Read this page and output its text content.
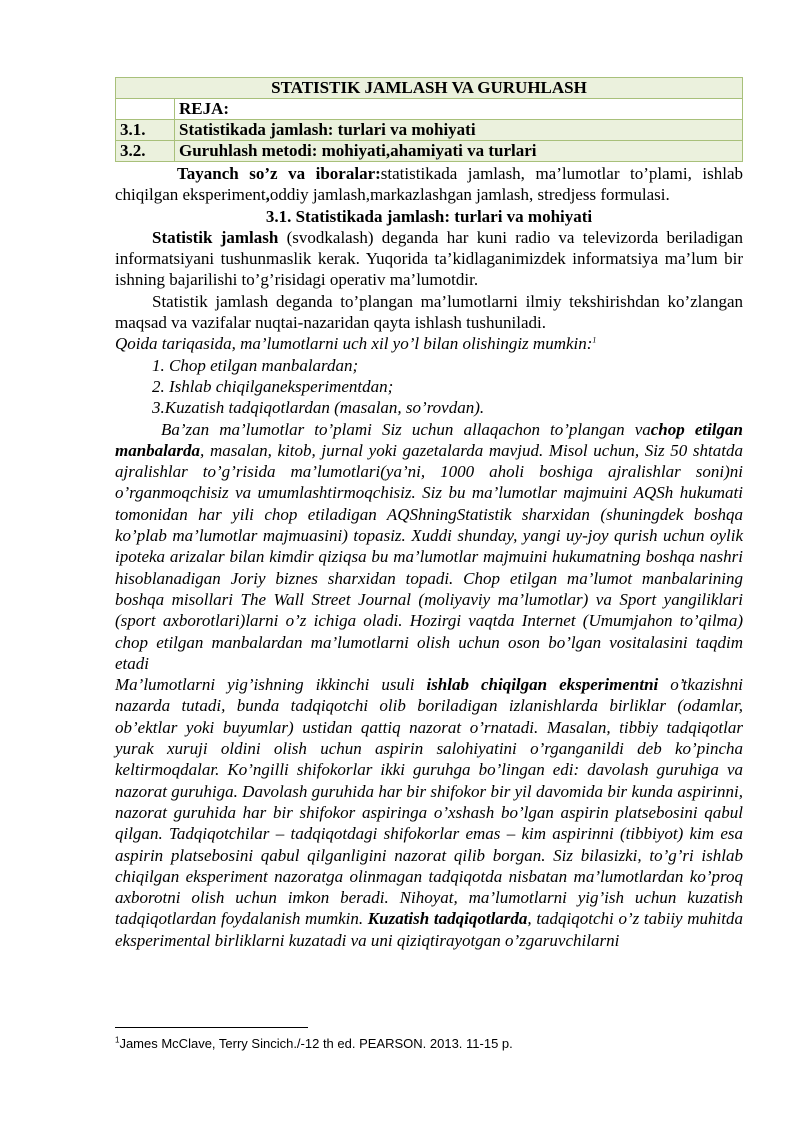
STATISTIK JAMLASH VA GURUHLASH	
	REJA:
3.1.	Statistikada jamlash: turlari va mohiyati
3.2.	Guruhlash metodi: mohiyati,ahamiyati va turlari

Tayanch so’z va iboralar:statistikada jamlash, ma’lumotlar to’plami, ishlab chiqilgan eksperiment,oddiy jamlash,markazlashgan jamlash, stredjess formulasi.

3.1. Statistikada jamlash: turlari va mohiyati

Statistik jamlash (svodkalash) deganda har kuni radio va televizorda beriladigan informatsiyani tushunmaslik kerak. Yuqorida ta’kidlaganimizdek informatsiya ma’lum bir ishning bajarilishi to’g’risidagi operativ ma’lumotdir.

Statistik jamlash deganda to’plangan ma’lumotlarni ilmiy tekshirishdan ko’zlangan maqsad va vazifalar nuqtai-nazaridan qayta ishlash tushuniladi.

Qoida tariqasida, ma’lumotlarni uch xil yo’l bilan olishingiz mumkin:$^1$

1. Chop etilgan manbalardan;
2. Ishlab chiqilganeksperimentdan;
3.Kuzatish tadqiqotlardan (masalan, so’rovdan).

Ba’zan ma’lumotlar to’plami Siz uchun allaqachon to’plangan vachop etilgan manbalarda, masalan, kitob, jurnal yoki gazetalarda mavjud. Misol uchun, Siz 50 shtatda ajralishlar to’g’risida ma’lumotlari(ya’ni, 1000 aholi boshiga ajralishlar soni)ni o’rganmoqchisiz va umumlashtirmoqchisiz. Siz bu ma’lumotlar majmuini AQSh hukumati tomonidan har yili chop etiladigan AQShningStatistik sharxidan (shuningdek boshqa ko’plab ma’lumotlar majmuasini) topasiz. Xuddi shunday, yangi uy-joy qurish uchun oylik ipoteka arizalar bilan kimdir qiziqsa bu ma’lumotlar majmuini hukumatning boshqa nashri hisoblanadigan Joriy biznes sharxidan topadi. Chop etilgan ma’lumot manbalarining boshqa misollari The Wall Street Journal (moliyaviy ma’lumotlar) va Sport yangiliklari (sport axborotlari)larni o’z ichiga oladi. Hozirgi vaqtda Internet (Umumjahon to’qilma) chop etilgan manbalardan ma’lumotlarni olish uchun oson bo’lgan vositalasini taqdim etadi

Ma’lumotlarni yig’ishning ikkinchi usuli ishlab chiqilgan eksperimentni o’tkazishni nazarda tutadi, bunda tadqiqotchi olib boriladigan izlanishlarda birliklar (odamlar, ob’ektlar yoki buyumlar) ustidan qattiq nazorat o’rnatadi. Masalan, tibbiy tadqiqotlar yurak xuruji oldini olish uchun aspirin salohiyatini o’rganganildi deb ko’pincha keltirmoqdalar. Ko’ngilli shifokorlar ikki guruhga bo’lingan edi: davolash guruhiga va nazorat guruhiga. Davolash guruhida har bir shifokor bir yil davomida bir kunda aspirinni, nazorat guruhida har bir shifokor aspiringa o’xshash bo’lgan aspirin platsebosini qabul qilgan. Tadqiqotchilar – tadqiqotdagi shifokorlar emas – kim aspirinni (tibbiyot) kim esa aspirin platsebosini qabul qilganligini nazorat qilib borgan. Siz bilasizki, to’g’ri ishlab chiqilgan eksperiment nazoratga olinmagan tadqiqotda nisbatan ma’lumotlardan ko’proq axborotni olish uchun imkon beradi. Nihoyat, ma’lumotlarni yig’ish uchun kuzatish tadqiqotlardan foydalanish mumkin. Kuzatish tadqiqotlarda, tadqiqotchi o’z tabiiy muhitda eksperimental birliklarni kuzatadi va uni qiziqtirayotgan o’zgaruvchilarni

$^1$James McClave, Terry Sincich./-12 th ed. PEARSON. 2013. 11-15 p.
